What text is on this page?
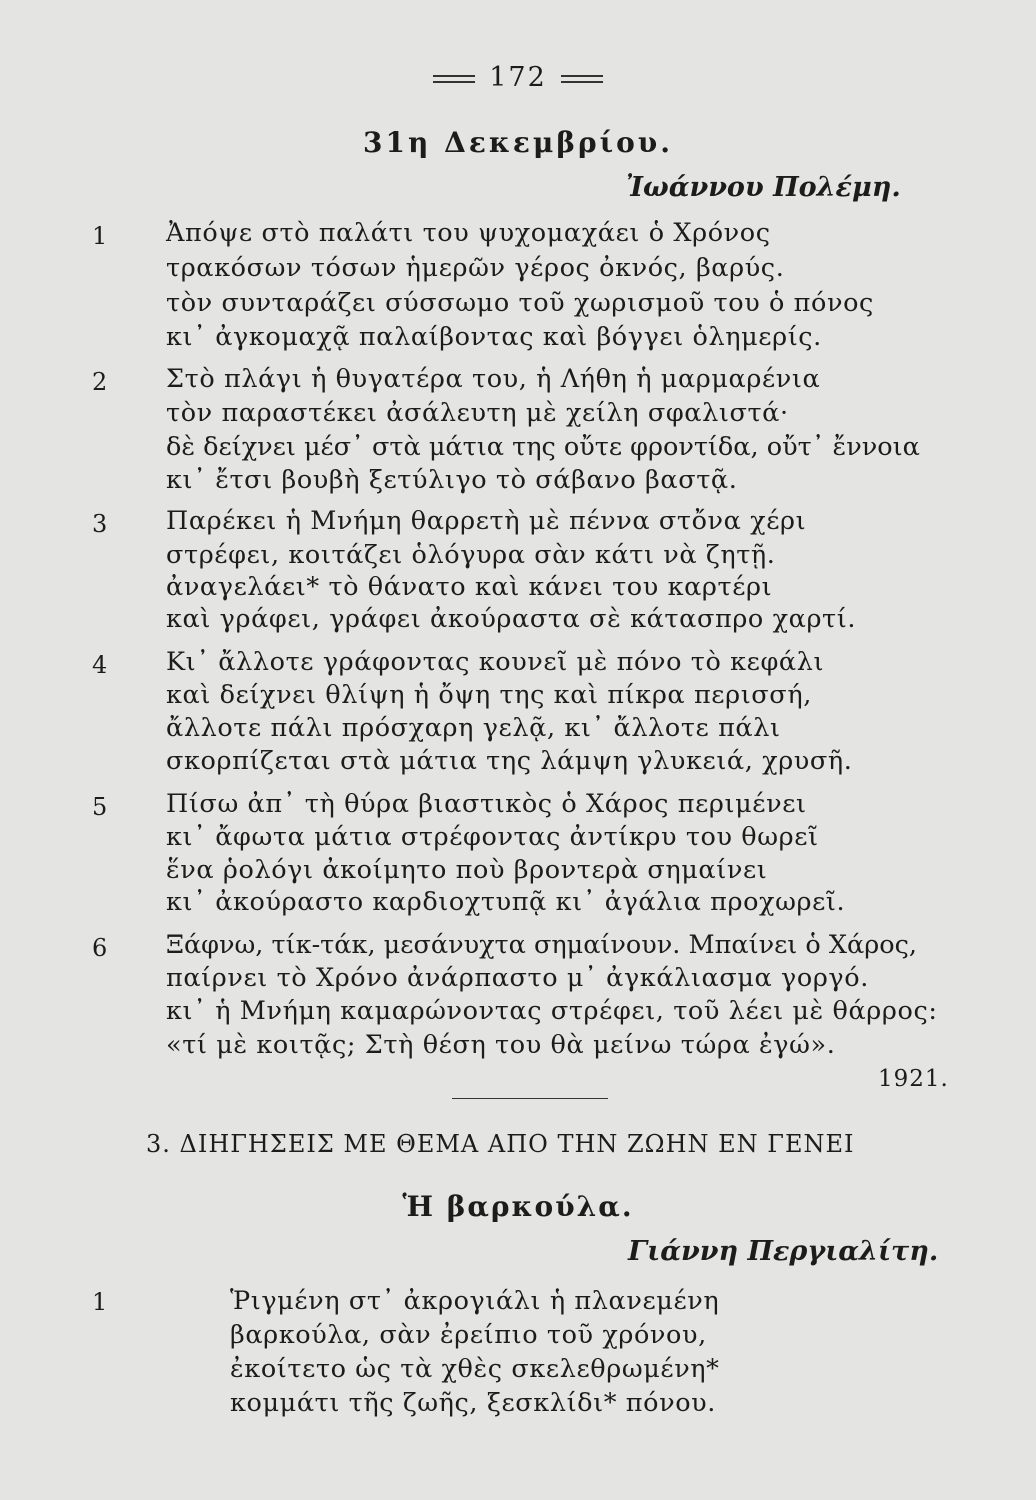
172
31η Δεκεμβρίου.
Ἰωάννου Πολέμη.
1	Ἀπόψε στὸ παλάτι του ψυχομαχάει ὁ Χρόνος
τρακόσων τόσων ἡμερῶν γέρος ὀκνός, βαρύς.
τὸν συνταράζει σύσσωμο τοῦ χωρισμοῦ του ὁ πόνος
κι᾽ ἀγκομαχᾷ παλαίβοντας καὶ βόγγει ὁλημερίς.
2	Στὸ πλάγι ἡ θυγατέρα του, ἡ Λήθη ἡ μαρμαρένια
τὸν παραστέκει ἀσάλευτη μὲ χείλη σφαλιστά·
δὲ δείχνει μέσ᾽ στὰ μάτια της οὔτε φροντίδα, οὔτ᾽ ἔννοια
κι᾽ ἔτσι βουβὴ ξετύλιγο τὸ σάβανο βαστᾷ.
3	Παρέκει ἡ Μνήμη θαρρετὴ μὲ πέννα στὄνα χέρι
στρέφει, κοιτάζει ὁλόγυρα σὰν κάτι νὰ ζητῇ.
ἀναγελάει* τὸ θάνατο καὶ κάνει του καρτέρι
καὶ γράφει, γράφει ἀκούραστα σὲ κάτασπρο χαρτί.
4	Κι᾽ ἄλλοτε γράφοντας κουνεῖ μὲ πόνο τὸ κεφάλι
καὶ δείχνει θλίψη ἡ ὄψη της καὶ πίκρα περισσή,
ἄλλοτε πάλι πρόσχαρη γελᾷ, κι᾽ ἄλλοτε πάλι
σκορπίζεται στὰ μάτια της λάμψη γλυκειά, χρυσῆ.
5	Πίσω ἀπ᾽ τὴ θύρα βιαστικὸς ὁ Χάρος περιμένει
κι᾽ ἄφωτα μάτια στρέφοντας ἀντίκρυ του θωρεῖ
ἕνα ῥολόγι ἀκοίμητο ποὺ βροντερὰ σημαίνει
κι᾽ ἀκούραστο καρδιοχτυπᾷ κι᾽ ἀγάλια προχωρεῖ.
6	Ξάφνω, τίκ-τάκ, μεσάνυχτα σημαίνουν. Μπαίνει ὁ Χάρος,
παίρνει τὸ Χρόνο ἀνάρπαστο μ᾽ ἀγκάλιασμα γοργό.
κι᾽ ἡ Μνήμη καμαρώνοντας στρέφει, τοῦ λέει μὲ θάρρος:
«τί μὲ κοιτᾷς; Στὴ θέση του θὰ μείνω τώρα ἐγώ».
1921.
3. ΔΙΗΓΗΣΕΙΣ ΜΕ ΘΕΜΑ ΑΠΟ ΤΗΝ ΖΩΗΝ ΕΝ ΓΕΝΕΙ
Ἡ βαρκούλα.
Γιάννη Περγιαλίτη.
1	Ῥιγμένη στ᾽ ἀκρογιάλι ἡ πλανεμένη
βαρκούλα, σὰν ἐρείπιο τοῦ χρόνου,
ἐκοίτετο ὡς τὰ χθὲς σκελεθρωμένη*
κομμάτι τῆς ζωῆς, ξεσκλίδι* πόνου.
